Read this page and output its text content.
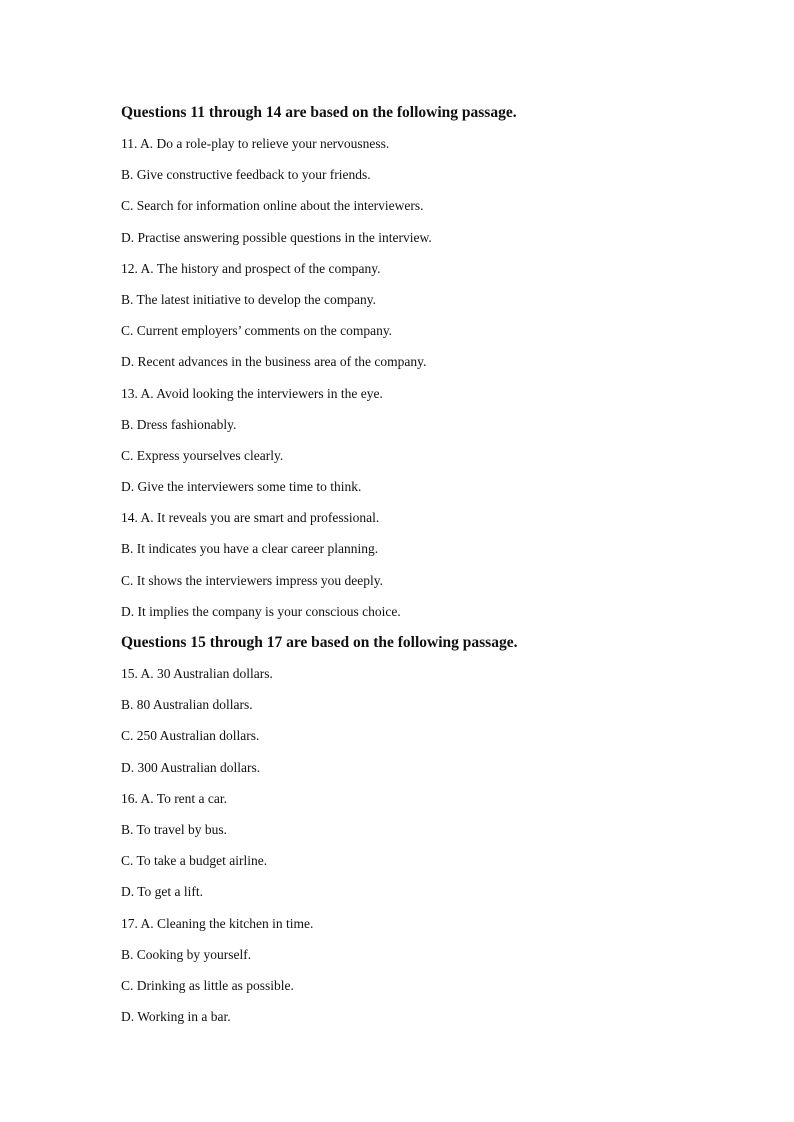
Questions 11 through 14 are based on the following passage.
11. A. Do a role-play to relieve your nervousness.
B. Give constructive feedback to your friends.
C. Search for information online about the interviewers.
D. Practise answering possible questions in the interview.
12. A. The history and prospect of the company.
B. The latest initiative to develop the company.
C. Current employers’ comments on the company.
D. Recent advances in the business area of the company.
13. A. Avoid looking the interviewers in the eye.
B. Dress fashionably.
C. Express yourselves clearly.
D. Give the interviewers some time to think.
14. A. It reveals you are smart and professional.
B. It indicates you have a clear career planning.
C. It shows the interviewers impress you deeply.
D. It implies the company is your conscious choice.
Questions 15 through 17 are based on the following passage.
15. A. 30 Australian dollars.
B. 80 Australian dollars.
C. 250 Australian dollars.
D. 300 Australian dollars.
16. A. To rent a car.
B. To travel by bus.
C. To take a budget airline.
D. To get a lift.
17. A. Cleaning the kitchen in time.
B. Cooking by yourself.
C. Drinking as little as possible.
D. Working in a bar.
